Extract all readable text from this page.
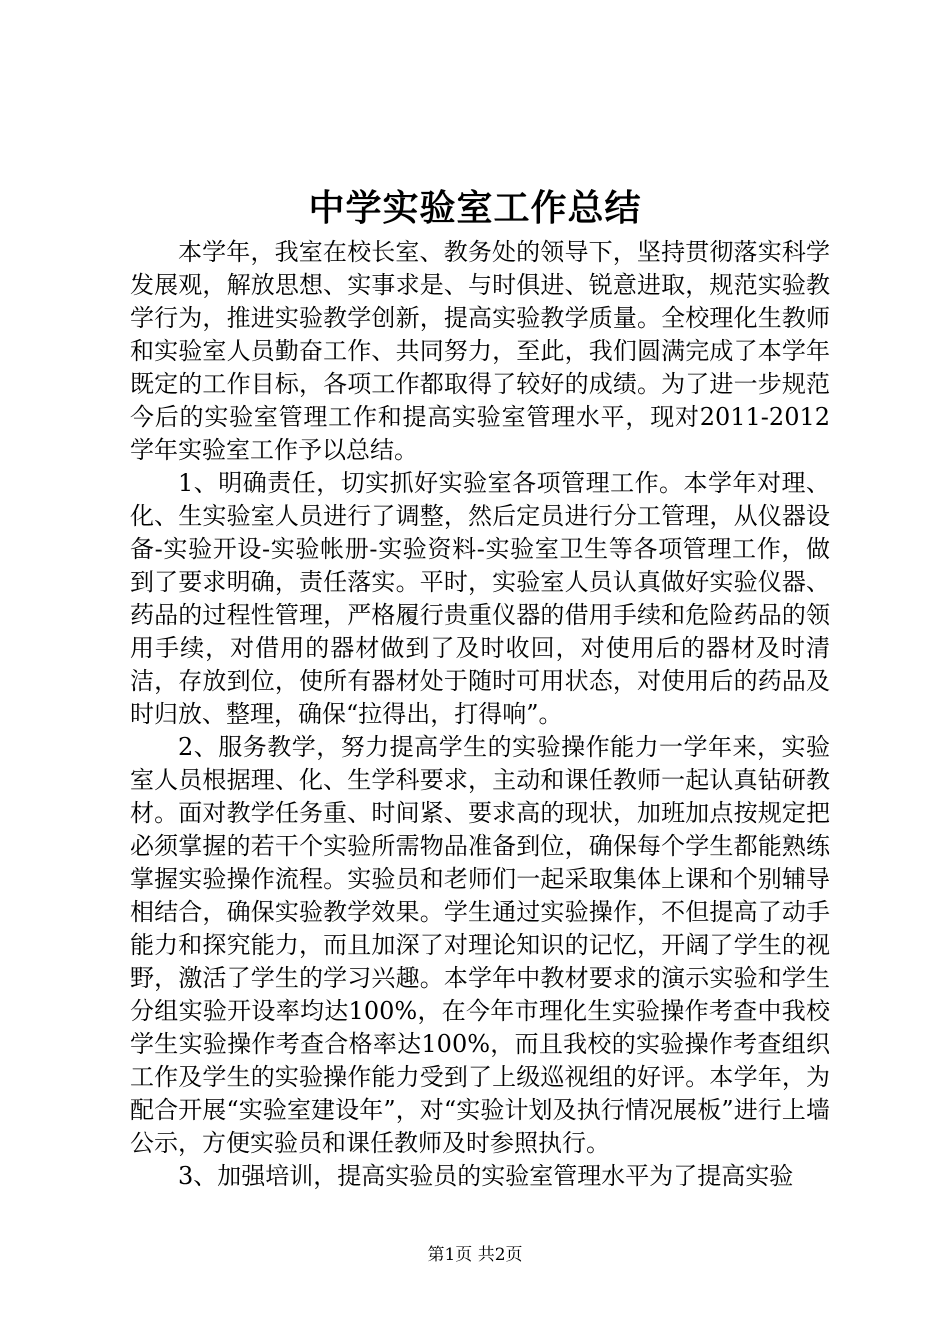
中学实验室工作总结

本学年，我室在校长室、教务处的领导下，坚持贯彻落实科学发展观，解放思想、实事求是、与时俱进、锐意进取，规范实验教学行为，推进实验教学创新，提高实验教学质量。全校理化生教师和实验室人员勤奋工作、共同努力，至此，我们圆满完成了本学年既定的工作目标，各项工作都取得了较好的成绩。为了进一步规范今后的实验室管理工作和提高实验室管理水平，现对2011-2012学年实验室工作予以总结。

1、明确责任，切实抓好实验室各项管理工作。本学年对理、化、生实验室人员进行了调整，然后定员进行分工管理，从仪器设备-实验开设-实验帐册-实验资料-实验室卫生等各项管理工作，做到了要求明确，责任落实。平时，实验室人员认真做好实验仪器、药品的过程性管理，严格履行贵重仪器的借用手续和危险药品的领用手续，对借用的器材做到了及时收回，对使用后的器材及时清洁，存放到位，使所有器材处于随时可用状态，对使用后的药品及时归放、整理，确保“拉得出，打得响”。

2、服务教学，努力提高学生的实验操作能力一学年来，实验室人员根据理、化、生学科要求，主动和课任教师一起认真钻研教材。面对教学任务重、时间紧、要求高的现状，加班加点按规定把必须掌握的若干个实验所需物品准备到位，确保每个学生都能熟练掌握实验操作流程。实验员和老师们一起采取集体上课和个别辅导相结合，确保实验教学效果。学生通过实验操作，不但提高了动手能力和探究能力，而且加深了对理论知识的记忆，开阔了学生的视野，激活了学生的学习兴趣。本学年中教材要求的演示实验和学生分组实验开设率均达100%，在今年市理化生实验操作考查中我校学生实验操作考查合格率达100%，而且我校的实验操作考查组织工作及学生的实验操作能力受到了上级巡视组的好评。本学年，为配合开展“实验室建设年”，对“实验计划及执行情况展板”进行上墙公示，方便实验员和课任教师及时参照执行。

3、加强培训，提高实验员的实验室管理水平为了提高实验

第1页 共2页
